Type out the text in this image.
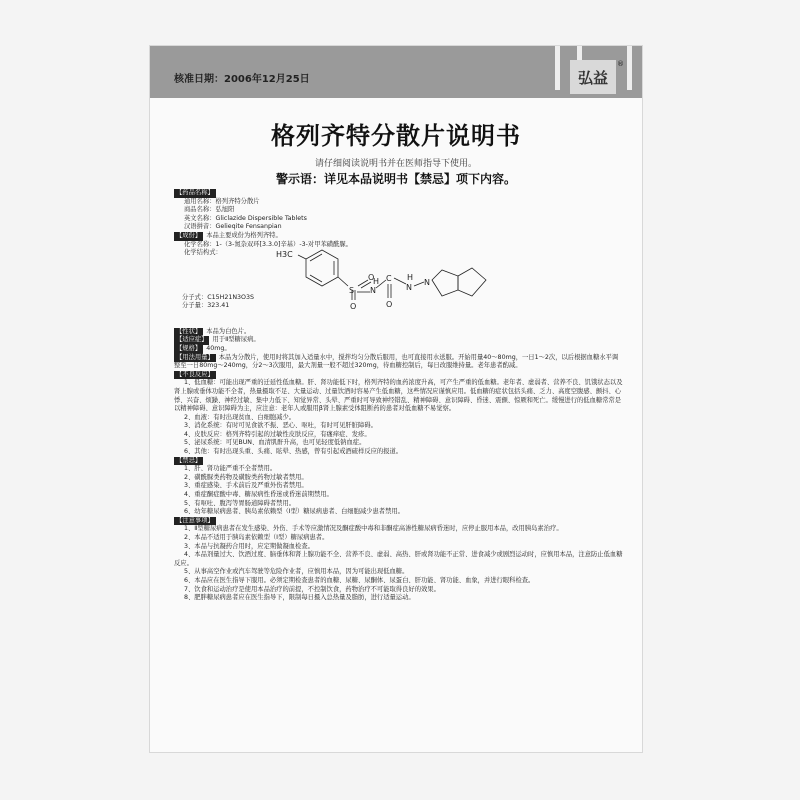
核准日期：2006年12月25日	弘益
®
格列齐特分散片说明书
请仔细阅读说明书并在医师指导下使用。
警示语：详见本品说明书【禁忌】项下内容。

【药品名称】

通用名称：格列齐特分散片

商品名称：弘旭阳

英文名称：Gliclazide Dispersible Tablets

汉语拼音：Gelieqite Fensanpian

【成份】 本品主要成份为格列齐特。

化学名称：1-（3-氮杂双环[3.3.0]辛基）-3-对甲苯磺酰脲。

化学结构式：	H3C
S
O
O
N
H C
O
N
H
N

分子式：C15H21N3O3S

分子量：323.41

【性状】 本品为白色片。

【适应症】 用于Ⅱ型糖尿病。

【规格】 40mg。

【用法用量】 本品为分散片，使用时将其加入适量水中，搅拌均匀分散后服用，也可直接用水送服。开始用量40～80mg，一日1～2次，以后根据血糖水平调整至一日80mg～240mg，分2～3次服用，最大剂量一般不超过320mg，待血糖控制后，每日改服维持量。老年患者酌减。

【不良反应】

1、低血糖：可能出现严重的迁延性低血糖。肝、肾功能低下时，格列齐特的血药浓度升高，可产生严重的低血糖。老年者、虚弱者、营养不良、饥饿状态以及肾上腺或垂体功能不全者，热量摄取不足、大量运动、过量饮酒时容易产生低血糖，这些情况应谨慎应用。低血糖的症状包括头痛、乏力、高度空腹感、颤抖、心悸、兴奋、烦躁、神经过敏、集中力低下、知觉异常、头晕、严重时可导致神经错乱、精神障碍、意识障碍、昏迷、震颤、惊厥和死亡。缓慢进行的低血糖常常是以精神障碍、意识障碍为主，应注意：老年人或服用β肾上腺素受体阻断药的患者对低血糖不易觉察。

2、血液：有时出现贫血、白细胞减少。

3、消化系统：有时可见食欲不振、恶心、呕吐，有时可见肝脏障碍。

4、皮肤反应：格列齐特引起的过敏性皮肤反应，有瘙痒症、发疹。

5、泌尿系统：可见BUN、血清肌酐升高，也可见轻度低钠血症。

6、其他：有时出现头重、头痛、眩晕、热感，曾有引起戒酒硫样反应的报道。

【禁忌】

1、肝、肾功能严重不全者禁用。

2、磺酰脲类药物及磺胺类药物过敏者禁用。

3、重症感染、手术前后及严重外伤者禁用。

4、重症酮症酸中毒、糖尿病性昏迷或昏迷前期禁用。

5、有呕吐、腹泻等胃肠道障碍者禁用。

6、幼年糖尿病患者、胰岛素依赖型（Ⅰ型）糖尿病患者、白细胞减少患者禁用。

【注意事项】

1、Ⅱ型糖尿病患者在发生感染、外伤、手术等应激情况及酮症酸中毒和非酮症高渗性糖尿病昏迷时，应停止服用本品，改用胰岛素治疗。

2、本品不适用于胰岛素依赖型（Ⅰ型）糖尿病患者。

3、本品与抗凝药合用时，应定期做凝血检查。

4、本品剂量过大、饮酒过度、脑垂体和肾上腺功能不全、营养不良、虚弱、高热、肝或肾功能不正常、进食减少或剧烈运动时，应慎用本品，注意防止低血糖反应。

5、从事高空作业或汽车驾驶等危险作业者，应慎用本品，因为可能出现低血糖。

6、本品应在医生指导下服用。必须定期检查患者的血糖、尿糖、尿酮体、尿蛋白、肝功能、肾功能、血象，并进行眼科检查。

7、饮食和运动治疗是使用本品治疗的前提，不控制饮食，药物治疗不可能取得良好的效果。

8、肥胖糖尿病患者应在医生指导下，限制每日摄入总热量及脂肪，进行适量运动。
